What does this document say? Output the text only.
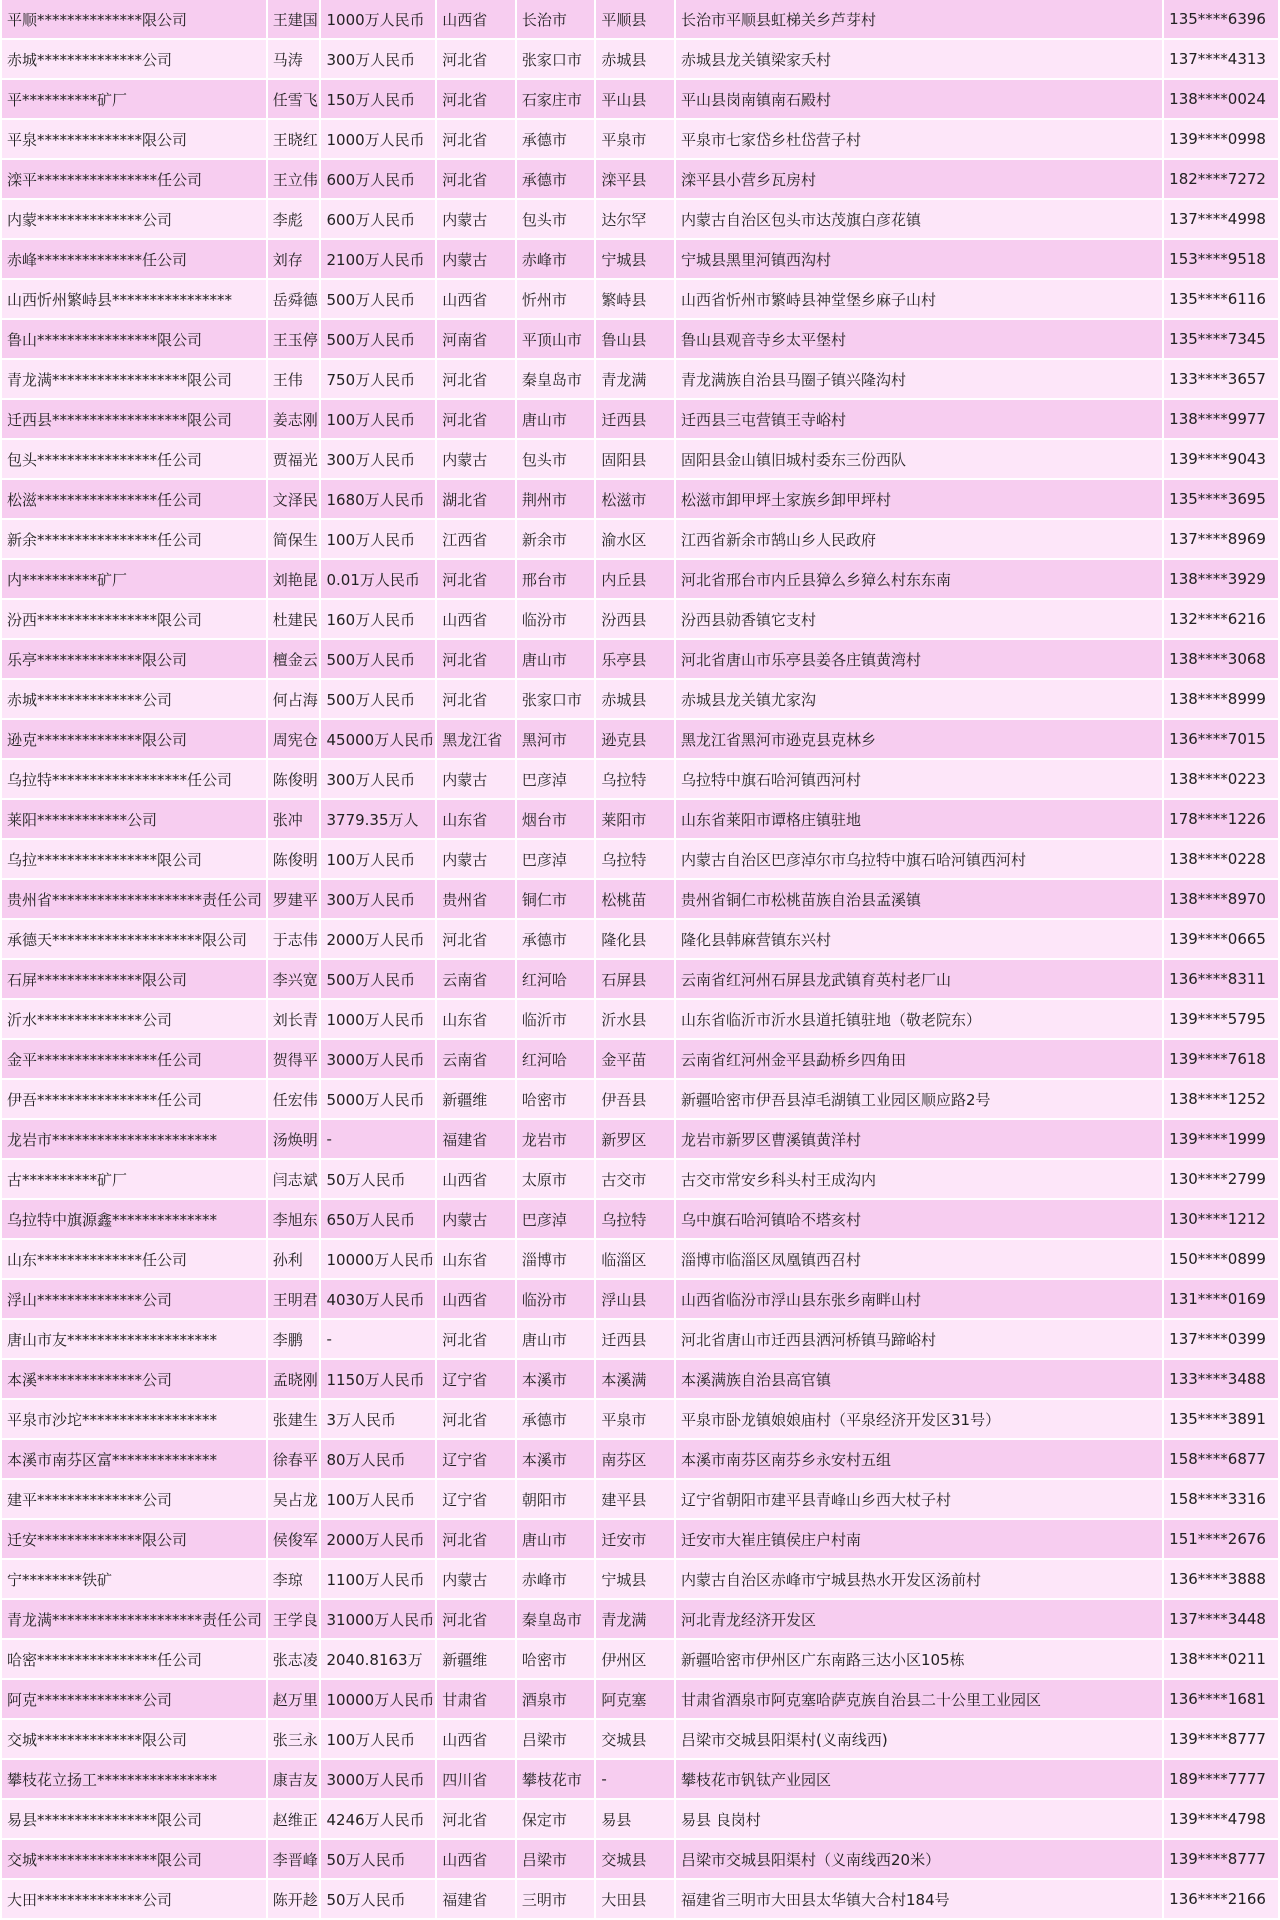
平顺**************限公司	王建国	1000万人民币	山西省	长治市	平顺县	长治市平顺县虹梯关乡芦芽村	135****6396
赤城**************公司	马涛	300万人民币	河北省	张家口市	赤城县	赤城县龙关镇梁家夭村	137****4313
平**********矿厂	任雪飞	150万人民币	河北省	石家庄市	平山县	平山县岗南镇南石殿村	138****0024
平泉**************限公司	王晓红	1000万人民币	河北省	承德市	平泉市	平泉市七家岱乡杜岱营子村	139****0998
滦平****************任公司	王立伟	600万人民币	河北省	承德市	滦平县	滦平县小营乡瓦房村	182****7272
内蒙**************公司	李彪	600万人民币	内蒙古	包头市	达尔罕	内蒙古自治区包头市达茂旗白彦花镇	137****4998
赤峰**************任公司	刘存	2100万人民币	内蒙古	赤峰市	宁城县	宁城县黑里河镇西沟村	153****9518
山西忻州繁峙县****************	岳舜德	500万人民币	山西省	忻州市	繁峙县	山西省忻州市繁峙县神堂堡乡麻子山村	135****6116
鲁山****************限公司	王玉停	500万人民币	河南省	平顶山市	鲁山县	鲁山县观音寺乡太平堡村	135****7345
青龙满******************限公司	王伟	750万人民币	河北省	秦皇岛市	青龙满	青龙满族自治县马圈子镇兴隆沟村	133****3657
迁西县******************限公司	姜志刚	100万人民币	河北省	唐山市	迁西县	迁西县三屯营镇王寺峪村	138****9977
包头****************任公司	贾福光	300万人民币	内蒙古	包头市	固阳县	固阳县金山镇旧城村委东三份西队	139****9043
松滋****************任公司	文泽民	1680万人民币	湖北省	荆州市	松滋市	松滋市卸甲坪土家族乡卸甲坪村	135****3695
新余****************任公司	简保生	100万人民币	江西省	新余市	渝水区	江西省新余市鹄山乡人民政府	137****8969
内**********矿厂	刘艳昆	0.01万人民币	河北省	邢台市	内丘县	河北省邢台市内丘县獐么乡獐么村东东南	138****3929
汾西****************限公司	杜建民	160万人民币	山西省	临汾市	汾西县	汾西县勍香镇它支村	132****6216
乐亭**************限公司	檀金云	500万人民币	河北省	唐山市	乐亭县	河北省唐山市乐亭县姜各庄镇黄湾村	138****3068
赤城**************公司	何占海	500万人民币	河北省	张家口市	赤城县	赤城县龙关镇尤家沟	138****8999
逊克**************限公司	周宪仓	45000万人民币	黑龙江省	黑河市	逊克县	黑龙江省黑河市逊克县克林乡	136****7015
乌拉特******************任公司	陈俊明	300万人民币	内蒙古	巴彦淖	乌拉特	乌拉特中旗石哈河镇西河村	138****0223
莱阳************公司	张冲	3779.35万人	山东省	烟台市	莱阳市	山东省莱阳市谭格庄镇驻地	178****1226
乌拉****************限公司	陈俊明	100万人民币	内蒙古	巴彦淖	乌拉特	内蒙古自治区巴彦淖尔市乌拉特中旗石哈河镇西河村	138****0228
贵州省********************责任公司	罗建平	300万人民币	贵州省	铜仁市	松桃苗	贵州省铜仁市松桃苗族自治县孟溪镇	138****8970
承德天********************限公司	于志伟	2000万人民币	河北省	承德市	隆化县	隆化县韩麻营镇东兴村	139****0665
石屏**************限公司	李兴宽	500万人民币	云南省	红河哈	石屏县	云南省红河州石屏县龙武镇育英村老厂山	136****8311
沂水**************公司	刘长青	1000万人民币	山东省	临沂市	沂水县	山东省临沂市沂水县道托镇驻地（敬老院东）	139****5795
金平****************任公司	贺得平	3000万人民币	云南省	红河哈	金平苗	云南省红河州金平县勐桥乡四角田	139****7618
伊吾****************任公司	任宏伟	5000万人民币	新疆维	哈密市	伊吾县	新疆哈密市伊吾县淖毛湖镇工业园区顺应路2号	138****1252
龙岩市**********************	汤焕明	-	福建省	龙岩市	新罗区	龙岩市新罗区曹溪镇黄洋村	139****1999
古**********矿厂	闫志斌	50万人民币	山西省	太原市	古交市	古交市常安乡科头村王成沟内	130****2799
乌拉特中旗源鑫**************	李旭东	650万人民币	内蒙古	巴彦淖	乌拉特	乌中旗石哈河镇哈不塔亥村	130****1212
山东**************任公司	孙利	10000万人民币	山东省	淄博市	临淄区	淄博市临淄区凤凰镇西召村	150****0899
浮山**************公司	王明君	4030万人民币	山西省	临汾市	浮山县	山西省临汾市浮山县东张乡南畔山村	131****0169
唐山市友********************	李鹏	-	河北省	唐山市	迁西县	河北省唐山市迁西县洒河桥镇马蹄峪村	137****0399
本溪**************公司	孟晓刚	1150万人民币	辽宁省	本溪市	本溪满	本溪满族自治县高官镇	133****3488
平泉市沙坨******************	张建生	3万人民币	河北省	承德市	平泉市	平泉市卧龙镇娘娘庙村（平泉经济开发区31号）	135****3891
本溪市南芬区富**************	徐春平	80万人民币	辽宁省	本溪市	南芬区	本溪市南芬区南芬乡永安村五组	158****6877
建平**************公司	吴占龙	100万人民币	辽宁省	朝阳市	建平县	辽宁省朝阳市建平县青峰山乡西大杖子村	158****3316
迁安**************限公司	侯俊军	2000万人民币	河北省	唐山市	迁安市	迁安市大崔庄镇侯庄户村南	151****2676
宁********铁矿	李琼	1100万人民币	内蒙古	赤峰市	宁城县	内蒙古自治区赤峰市宁城县热水开发区汤前村	136****3888
青龙满********************责任公司	王学良	31000万人民币	河北省	秦皇岛市	青龙满	河北青龙经济开发区	137****3448
哈密****************任公司	张志凌	2040.8163万	新疆维	哈密市	伊州区	新疆哈密市伊州区广东南路三达小区105栋	138****0211
阿克**************公司	赵万里	10000万人民币	甘肃省	酒泉市	阿克塞	甘肃省酒泉市阿克塞哈萨克族自治县二十公里工业园区	136****1681
交城**************限公司	张三永	100万人民币	山西省	吕梁市	交城县	吕梁市交城县阳渠村(义南线西)	139****8777
攀枝花立扬工****************	康吉友	3000万人民币	四川省	攀枝花市	-	攀枝花市钒钛产业园区	189****7777
易县****************限公司	赵维正	4246万人民币	河北省	保定市	易县	易县 良岗村	139****4798
交城****************限公司	李晋峰	50万人民币	山西省	吕梁市	交城县	吕梁市交城县阳渠村（义南线西20米）	139****8777
大田**************公司	陈开趁	50万人民币	福建省	三明市	大田县	福建省三明市大田县太华镇大合村184号	136****2166
